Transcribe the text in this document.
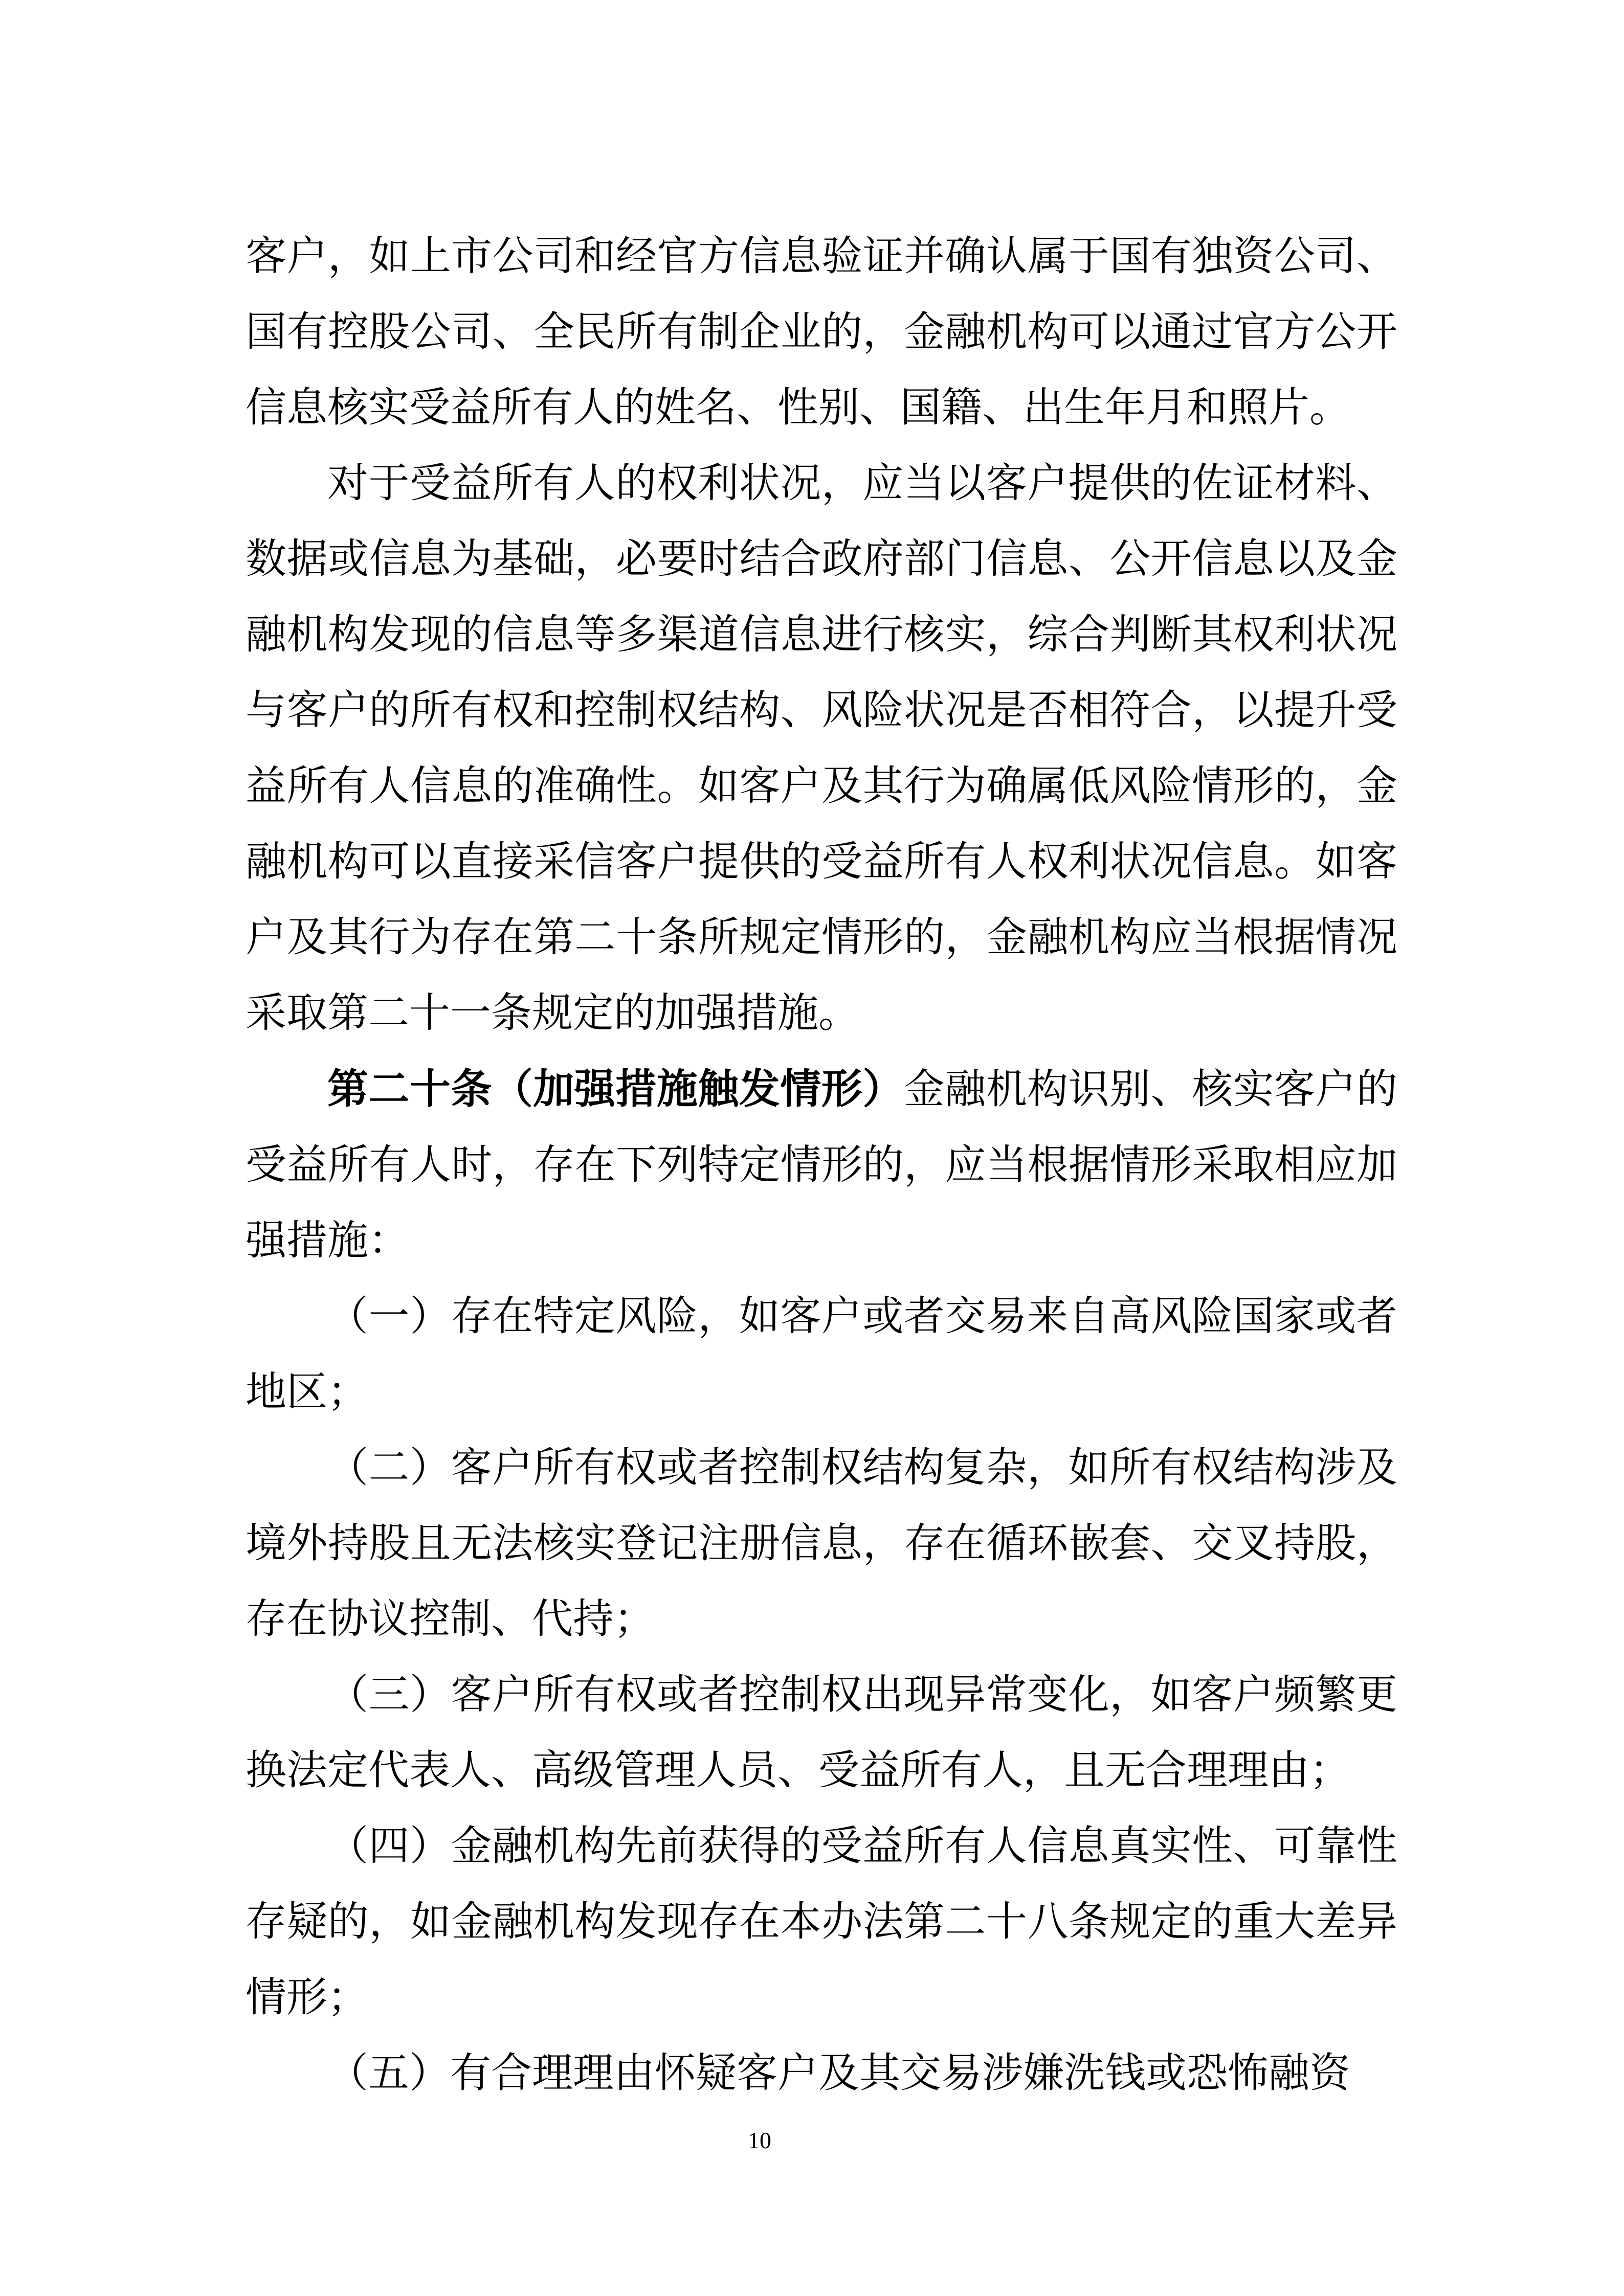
客户，如上市公司和经官方信息验证并确认属于国有独资公司、国有控股公司、全民所有制企业的，金融机构可以通过官方公开信息核实受益所有人的姓名、性别、国籍、出生年月和照片。

对于受益所有人的权利状况，应当以客户提供的佐证材料、数据或信息为基础，必要时结合政府部门信息、公开信息以及金融机构发现的信息等多渠道信息进行核实，综合判断其权利状况与客户的所有权和控制权结构、风险状况是否相符合，以提升受益所有人信息的准确性。如客户及其行为确属低风险情形的，金融机构可以直接采信客户提供的受益所有人权利状况信息。如客户及其行为存在第二十条所规定情形的，金融机构应当根据情况采取第二十一条规定的加强措施。

第二十条（加强措施触发情形）金融机构识别、核实客户的受益所有人时，存在下列特定情形的，应当根据情形采取相应加强措施：

（一）存在特定风险，如客户或者交易来自高风险国家或者地区；

（二）客户所有权或者控制权结构复杂，如所有权结构涉及境外持股且无法核实登记注册信息，存在循环嵌套、交叉持股，存在协议控制、代持；

（三）客户所有权或者控制权出现异常变化，如客户频繁更换法定代表人、高级管理人员、受益所有人，且无合理理由；

（四）金融机构先前获得的受益所有人信息真实性、可靠性存疑的，如金融机构发现存在本办法第二十八条规定的重大差异情形；

（五）有合理理由怀疑客户及其交易涉嫌洗钱或恐怖融资

10
